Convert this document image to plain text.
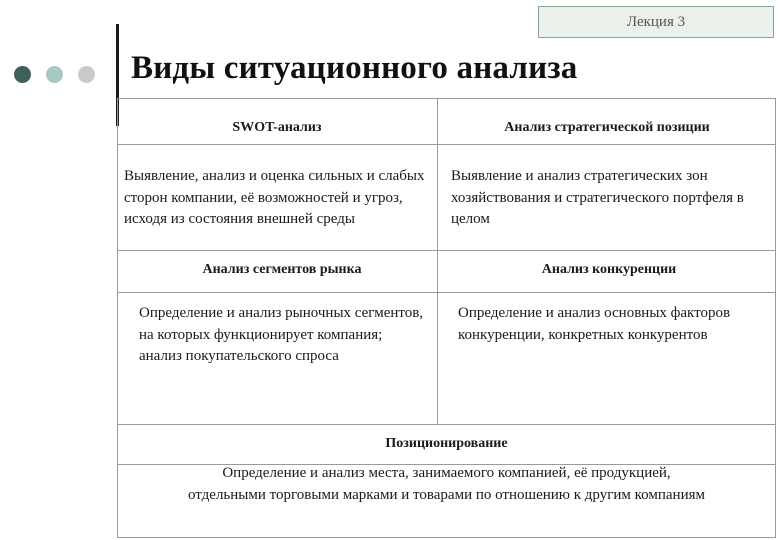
Лекция 3
Виды ситуационного анализа
SWOT-анализ	Анализ стратегической позиции
Выявление, анализ и оценка сильных и слабых сторон компании, её возможностей и угроз, исходя из состояния внешней среды
Выявление и анализ стратегических зон хозяйствования и стратегического портфеля в целом
Анализ сегментов рынка	Анализ конкуренции
Определение и анализ рыночных сегментов, на которых функционирует компания; анализ покупательского спроса
Определение и анализ основных факторов конкуренции, конкретных конкурентов
Позиционирование
Определение и анализ места, занимаемого компанией, её продукцией,
отдельными торговыми марками и товарами по отношению к другим компаниям
